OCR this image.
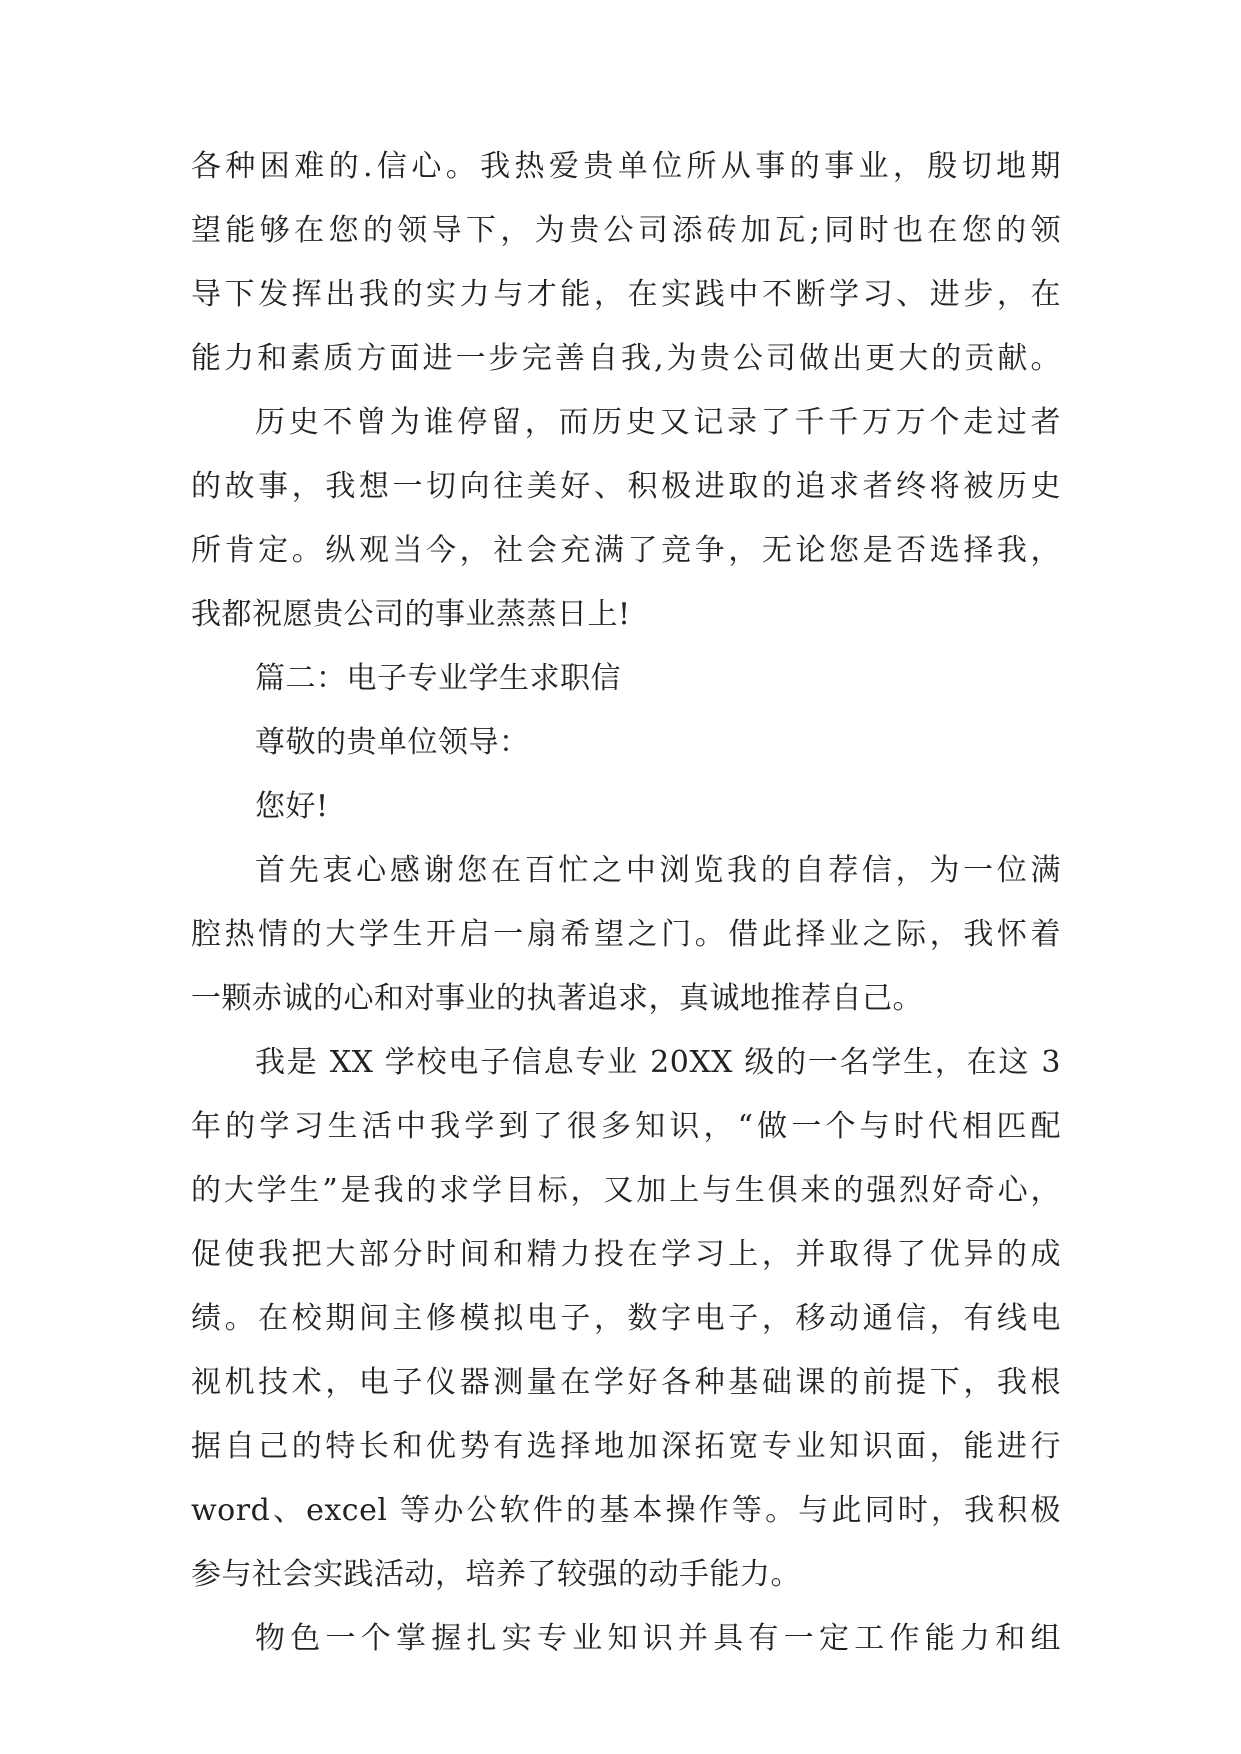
各种困难的.信心。我热爱贵单位所从事的事业，殷切地期
望能够在您的领导下，为贵公司添砖加瓦;同时也在您的领
导下发挥出我的实力与才能，在实践中不断学习、进步，在
能力和素质方面进一步完善自我,为贵公司做出更大的贡献。
历史不曾为谁停留，而历史又记录了千千万万个走过者
的故事，我想一切向往美好、积极进取的追求者终将被历史
所肯定。纵观当今，社会充满了竞争，无论您是否选择我，
我都祝愿贵公司的事业蒸蒸日上!
篇二：电子专业学生求职信
尊敬的贵单位领导：
您好!
首先衷心感谢您在百忙之中浏览我的自荐信，为一位满
腔热情的大学生开启一扇希望之门。借此择业之际，我怀着
一颗赤诚的心和对事业的执著追求，真诚地推荐自己。
我是 XX 学校电子信息专业 20XX 级的一名学生，在这 3
年的学习生活中我学到了很多知识，“做一个与时代相匹配
的大学生”是我的求学目标，又加上与生俱来的强烈好奇心，
促使我把大部分时间和精力投在学习上，并取得了优异的成
绩。在校期间主修模拟电子，数字电子，移动通信，有线电
视机技术，电子仪器测量在学好各种基础课的前提下，我根
据自己的特长和优势有选择地加深拓宽专业知识面，能进行
word、excel 等办公软件的基本操作等。与此同时，我积极
参与社会实践活动，培养了较强的动手能力。
物色一个掌握扎实专业知识并具有一定工作能力和组
